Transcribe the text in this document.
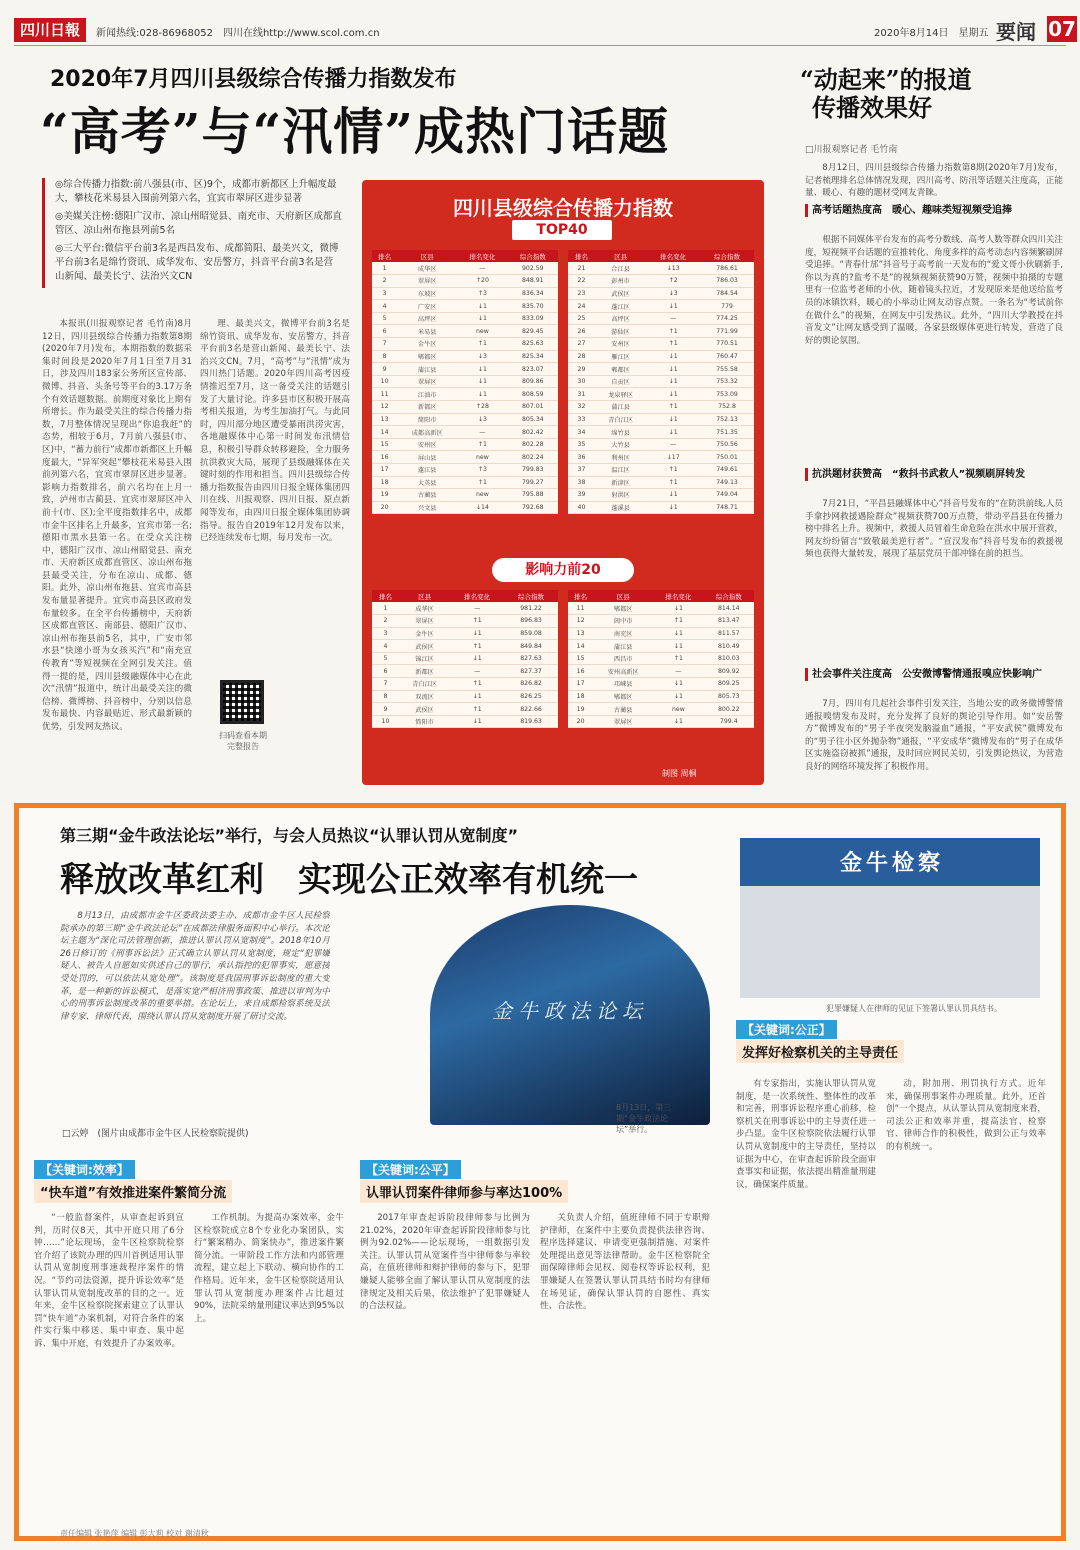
四川日報	新闻热线:028-86968052　四川在线http://www.scol.com.cn	2020年8月14日　星期五 要闻 07
2020年7月四川县级综合传播力指数发布
“高考”与“汛情”成热门话题

◎综合传播力指数:前八强县(市、区)9个，成都市新都区上升幅度最大，攀枝花米易县入围前列第六名，宜宾市翠屏区进步显著

◎美媒关注榜:德阳广汉市、凉山州昭觉县、南充市、天府新区成都直管区、凉山州布拖县列前5名

◎三大平台:微信平台前3名是西昌发布、成都简阳、最美兴文，微博平台前3名是绵竹资讯、成华发布、安岳警方，抖音平台前3名是营山新闻、最美长宁、法治兴文CN

本报讯(川报观察记者 毛竹南)8月12日，四川县级综合传播力指数第8期(2020年7月)发布，本期指数的数据采集时间段是2020年7月1日至7月31日，涉及四川183家公务所区宣传部、微博、抖音、头条号等平台的3.17万条个有效话题数据。前期度对象比上期有所增长。作为最受关注的综合传播力指数，7月整体情况呈现出“你追我赶”的态势，相较于6月，7月前八强县(市、区)中，“蓄力前行”成都市新都区上升幅度最大，“异军突起”攀枝花米易县入围前列第六名，宜宾市翠屏区进步显著。影响力指数排名，前六名均在上月一致，泸州市古蔺县、宜宾市翠屏区冲入前十(市、区);全平度指数排名中，成都市金牛区排名上升最多，宜宾市第一名;德阳市黑水县第一名。在受众关注榜中，德阳广汉市、凉山州昭觉县、南充市、天府新区成都直管区、凉山州布拖县最受关注，分布在凉山、成都、德阳。此外，凉山州布拖县、宜宾市高县发布量显著提升。宜宾市高县区政府发布量较多。在全平台传播榜中，天府新区成都直管区、南部县、德阳广汉市、凉山州布拖县前5名，其中，广安市邻水县“快递小哥为女孩买汽”和“南充宣传教育”等短视频在全网引发关注。值得一提的是，四川县级融媒体中心在此次“汛情”报道中，统计出最受关注的微信榜、微博榜、抖音榜中，分别以信息发布最快、内容最贴近、形式最新颖的优势，引发网友热议。

理、最美兴文，微博平台前3名是绵竹资讯、成华发布、安岳警方，抖音平台前3名是营山新闻、最美长宁、法治兴文CN。7月，“高考”与“汛情”成为四川热门话题。2020年四川高考因疫情推迟至7月，这一备受关注的话题引发了大量讨论。许多县市区积极开展高考相关报道，为考生加油打气。与此同时，四川部分地区遭受暴雨洪涝灾害，各地融媒体中心第一时间发布汛情信息，积极引导群众转移避险，全力服务抗洪救灾大局，展现了县级融媒体在关键时刻的作用和担当。四川县级综合传播力指数报告由四川日报全媒体集团四川在线、川报观察、四川日报、原点新闻等发布，由四川日报全媒体集团协调指导。报告自2019年12月发布以来，已经连续发布七期，每月发布一次。

扫码查看本期完整报告
四川县级综合传播力指数
TOP40
排名	区县	排名变化	综合指数
1	成华区	—	902.59
2	翠屏区	↑20	848.91
3	东坡区	↑3	836.34
4	广安区	↓1	835.70
5	高坪区	↓1	833.09
6	米易县	new	829.45
7	金牛区	↑1	825.63
8	郫都区	↓3	825.34
9	蒲江县	↓1	823.07
10	翠屏区	↓1	809.86
11	江油市	↓1	808.59
12	新都区	↑28	807.01
13	简阳市	↓3	805.34
14	成都高新区	—	802.42
15	安州区	↑1	802.28
16	屏山县	new	802.24
17	蓬江县	↑3	799.83
18	大英县	↑1	799.27
19	古蔺县	new	795.88
20	兴文县	↓14	792.68
排名	区县	排名变化	综合指数
21	合江县	↓13	786.61
22	彭州市	↑2	786.03
23	武侯区	↓3	784.54
24	蓬江区	↓1	779
25	高坪区	—	774.25
26	游仙区	↑1	771.99
27	安州区	↑1	770.51
28	雁江区	↓1	760.47
29	郫都区	↓1	755.58
30	自贡区	↓1	753.32
31	龙泉驿区	↓1	753.09
32	蒲江县	↑1	752.8
33	青白江区	↓1	752.13
34	绵竹县	↓1	751.35
35	大竹县	—	750.56
36	利州区	↓17	750.01
37	温江区	↑1	749.61
38	新津区	↑1	749.13
39	射洪区	↓1	749.04
40	蓬溪县	↓1	748.71
影响力前20
排名	区县	排名变化	综合指数
1	成华区	—	981.22
2	翠屏区	↑1	896.83
3	金牛区	↓1	859.08
4	武侯区	↑1	849.84
5	锦江区	↓1	827.63
6	新都区	—	827.37
7	青白江区	↑1	826.82
8	双流区	↓1	826.25
9	武侯区	↑1	822.66
10	简阳市	↓1	819.63
排名	区县	排名变化	综合指数
11	郫都区	↓1	814.14
12	阆中市	↑1	813.47
13	南充区	↓1	811.57
14	蒲江县	↓1	810.49
15	西昌市	↑1	810.03
16	安州高新区	—	809.92
17	邛崃县	↓1	809.25
18	郫都区	↓1	805.73
19	古蔺县	new	800.22
20	翠屏区	↓1	799.4
制图 周桐
“动起来”的报道
传播效果好
□川报观察记者 毛竹南

8月12日，四川县级综合传播力指数第8期(2020年7月)发布，记者梳理排名总体情况发现，四川高考、防汛等话题关注度高，正能量、暖心、有趣的题材受网友青睐。

高考话题热度高　暖心、趣味类短视频受追捧

根据不同媒体平台发布的高考分数线、高考人数等群众四川关注度，短视频平台话题的宣推转化、角度多样的高考动态内容频繁刷屏受追捧。“青春什邡”抖音号于高考前一天发布的“爱文哥小伙刷新手,你以为真的?监考不是”的视频视频获赞90万赞，视频中拍摄的专题里有一位监考老师的小伙，随着镜头拉近，才发现原来是他送给监考员的冰镇饮料，暖心的小举动让网友动容点赞。一条名为“考试前你在做什么”的视频，在网友中引发热议。此外，“四川大学教授在抖音发文”让网友感受到了温暖，各家县级媒体更进行转发，营造了良好的舆论氛围。

抗洪题材获赞高　“救抖书武救人”视频刷屏转发

7月21日，“平昌县融媒体中心”抖音号发布的“在防洪前线,人员手拿抄网救援遇险群众”视频获赞700万点赞，带动平昌县在传播力榜中排名上升。视频中，救援人员冒着生命危险在洪水中展开营救，网友纷纷留言“致敬最美逆行者”。“宣汉发布”抖音号发布的救援视频也获得大量转发，展现了基层党员干部冲锋在前的担当。

社会事件关注度高　公安微博警情通报嗅应快影响广

7月，四川有几起社会事件引发关注，当地公安的政务微博警情通报嗅情发布及时，充分发挥了良好的舆论引导作用。如“安岳警方”微博发布的“男子半夜突发脑溢血”通报，“平安武侯”微博发布的“男子往小区外抛杂物”通报，“平安成华”微博发布的“男子在成华区实施盗窃被抓”通报，及时回应网民关切，引发舆论热议，为营造良好的网络环境发挥了积极作用。

第三期“金牛政法论坛”举行，与会人员热议“认罪认罚从宽制度”
释放改革红利　实现公正效率有机统一

8月13日，由成都市金牛区委政法委主办、成都市金牛区人民检察院承办的第三期“金牛政法论坛”在成都法律服务面积中心举行。本次论坛主题为“深化司法管理创新，推进认罪认罚从宽制度”。2018年10月26日修订的《刑事诉讼法》正式确立认罪认罚从宽制度，规定“犯罪嫌疑人、被告人自愿如实供述自己的罪行，承认指控的犯罪事实，愿意接受处罚的，可以依法从宽处理”。该制度是我国刑事诉讼制度的重大变革，是一种新的诉讼模式，是落实宽严相济刑事政策、推进以审判为中心的刑事诉讼制度改革的重要举措。在论坛上，来自成都检察系统及法律专家、律师代表，围绕认罪认罚从宽制度开展了研讨交流。

□云婷　(图片由成都市金牛区人民检察院提供)
金牛政法论坛
8月13日，第三期“金牛政法论坛”举行。
金牛检察
犯罪嫌疑人在律师的见证下签署认罪认罚具结书。
【关键词:效率】
“快车道”有效推进案件繁简分流

“一般监督案件，从审查起诉到宣判，历时仅8天，其中开庭只用了6分钟……”论坛现场，金牛区检察院检察官介绍了该院办理的四川首例适用认罪认罚从宽制度刑事速裁程序案件的情况。“节约司法资源，提升诉讼效率”是认罪认罚从宽制度改革的目的之一。近年来，金牛区检察院探索建立了认罪认罚“快车道”办案机制，对符合条件的案件实行集中移送、集中审查、集中起诉、集中开庭，有效提升了办案效率。

工作机制。为提高办案效率，金牛区检察院成立8个专业化办案团队，实行“繁案精办、简案快办”，推进案件繁简分流。一审阶段工作方法和内部管理流程，建立起上下联动、横向协作的工作格局。近年来，金牛区检察院适用认罪认罚从宽制度办理案件占比超过90%，法院采纳量刑建议率达到95%以上。

【关键词:公平】
认罪认罚案件律师参与率达100%

2017年审查起诉阶段律师参与比例为21.02%，2020年审查起诉阶段律师参与比例为92.02%——论坛现场，一组数据引发关注。认罪认罚从宽案件当中律师参与率较高，在值班律师和辩护律师的参与下，犯罪嫌疑人能够全面了解认罪认罚从宽制度的法律规定及相关后果，依法维护了犯罪嫌疑人的合法权益。

关负责人介绍，值班律师不同于专职辩护律师，在案件中主要负责提供法律咨询、程序选择建议、申请变更强制措施、对案件处理提出意见等法律帮助。金牛区检察院全面保障律师会见权、阅卷权等诉讼权利，犯罪嫌疑人在签署认罪认罚具结书时均有律师在场见证，确保认罪认罚的自愿性、真实性、合法性。

【关键词:公正】
发挥好检察机关的主导责任

有专家指出，实施认罪认罚从宽制度，是一次系统性、整体性的改革和完善，刑事诉讼程序重心前移，检察机关在刑事诉讼中的主导责任进一步凸显。金牛区检察院依法履行认罪认罚从宽制度中的主导责任，坚持以证据为中心，在审查起诉阶段全面审查事实和证据，依法提出精准量刑建议，确保案件质量。

动，附加刑、刑罚执行方式。近年来，确保刑事案件办理质量。此外，还首创“一个提点，从认罪认罚从宽制度来看，司法公正和效率并重，提高法官、检察官、律师合作的积极性，做到公正与效率的有机统一。

责任编辑 张艳萍 编辑 彭大莉 校对 谢清秋
